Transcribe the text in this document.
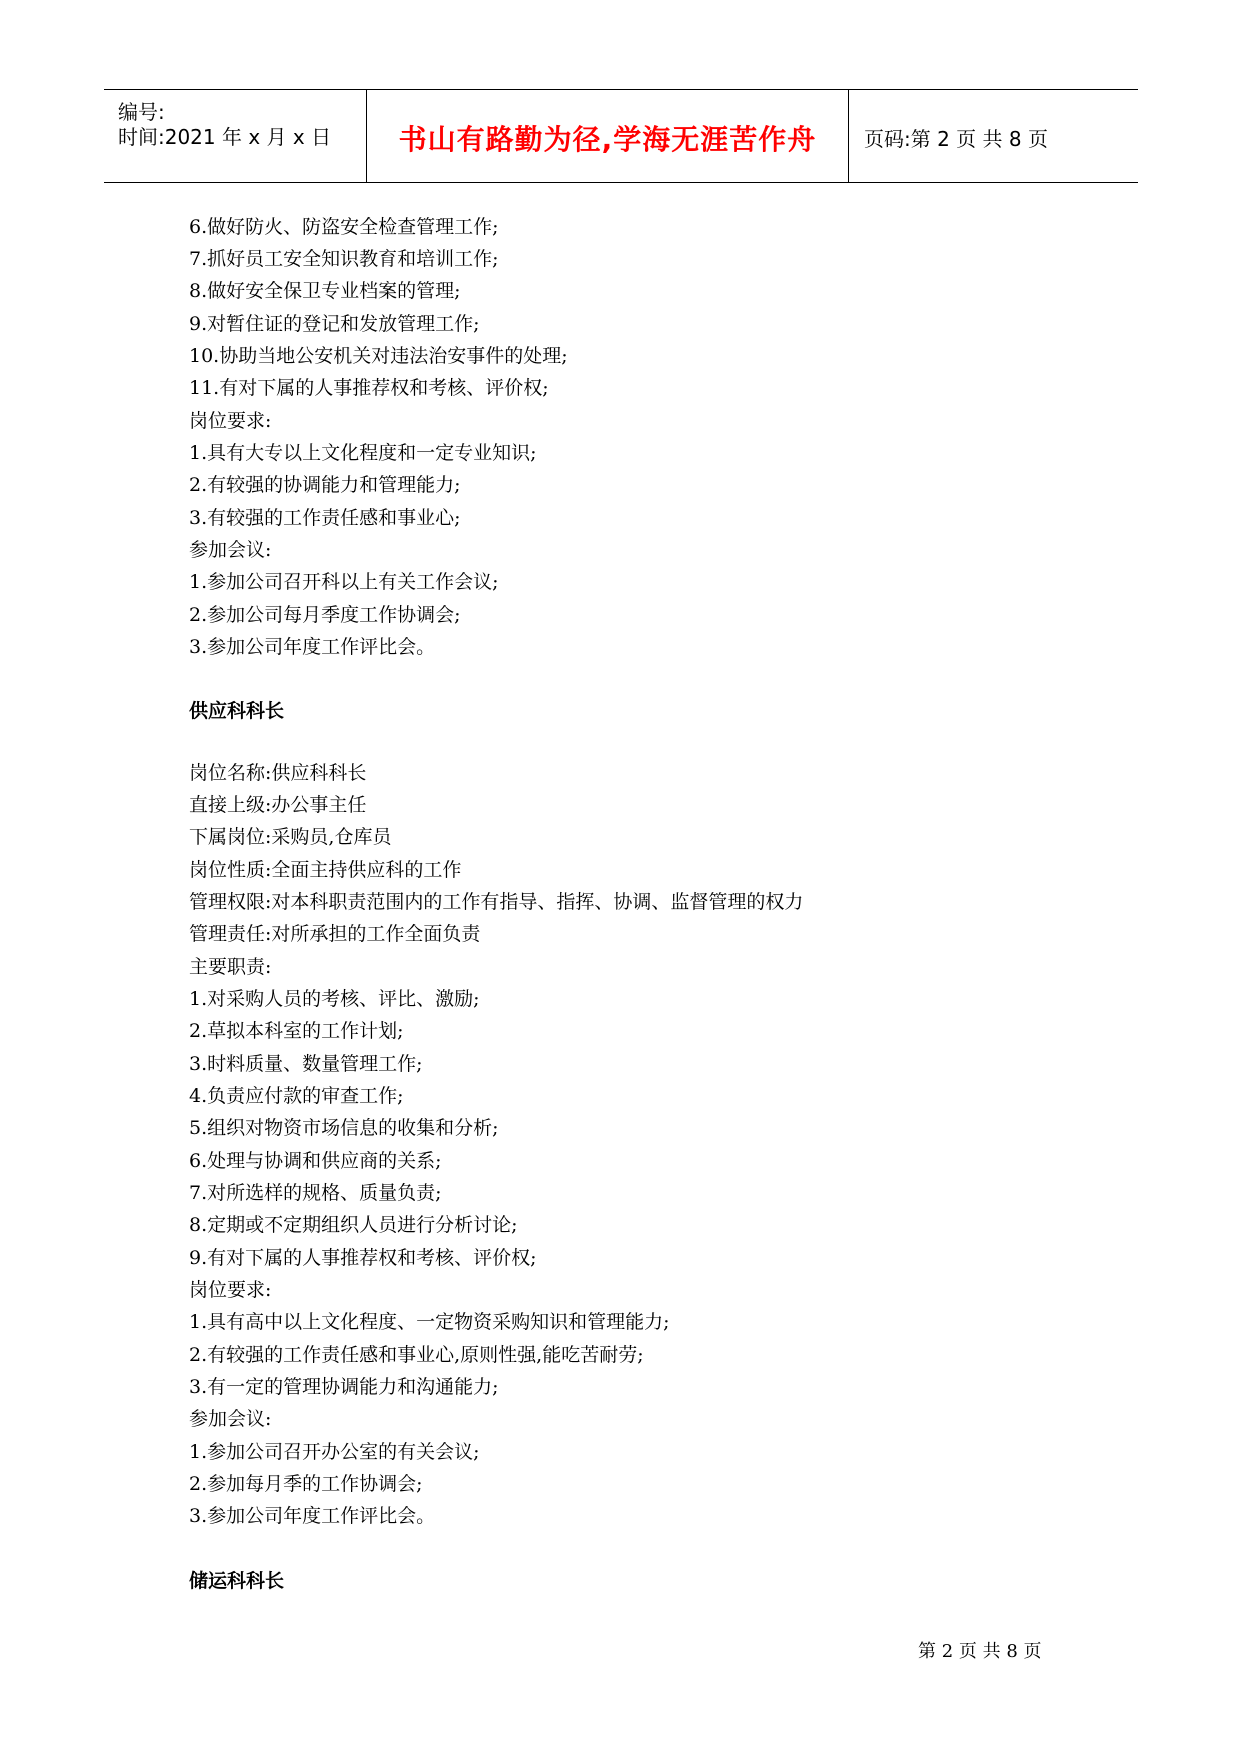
编号:
时间:2021 年 x 月 x 日	书山有路勤为径,学海无涯苦作舟	页码:第 2 页 共 8 页
6.做好防火、防盗安全检查管理工作;
7.抓好员工安全知识教育和培训工作;
8.做好安全保卫专业档案的管理;
9.对暂住证的登记和发放管理工作;
10.协助当地公安机关对违法治安事件的处理;
11.有对下属的人事推荐权和考核、评价权;
岗位要求:
1.具有大专以上文化程度和一定专业知识;
2.有较强的协调能力和管理能力;
3.有较强的工作责任感和事业心;
参加会议:
1.参加公司召开科以上有关工作会议;
2.参加公司每月季度工作协调会;
3.参加公司年度工作评比会。
供应科科长
岗位名称:供应科科长
直接上级:办公事主任
下属岗位:采购员,仓库员
岗位性质:全面主持供应科的工作
管理权限:对本科职责范围内的工作有指导、指挥、协调、监督管理的权力
管理责任:对所承担的工作全面负责
主要职责:
1.对采购人员的考核、评比、激励;
2.草拟本科室的工作计划;
3.时料质量、数量管理工作;
4.负责应付款的审查工作;
5.组织对物资市场信息的收集和分析;
6.处理与协调和供应商的关系;
7.对所选样的规格、质量负责;
8.定期或不定期组织人员进行分析讨论;
9.有对下属的人事推荐权和考核、评价权;
岗位要求:
1.具有高中以上文化程度、一定物资采购知识和管理能力;
2.有较强的工作责任感和事业心,原则性强,能吃苦耐劳;
3.有一定的管理协调能力和沟通能力;
参加会议:
1.参加公司召开办公室的有关会议;
2.参加每月季的工作协调会;
3.参加公司年度工作评比会。
储运科科长
第 2 页 共 8 页
